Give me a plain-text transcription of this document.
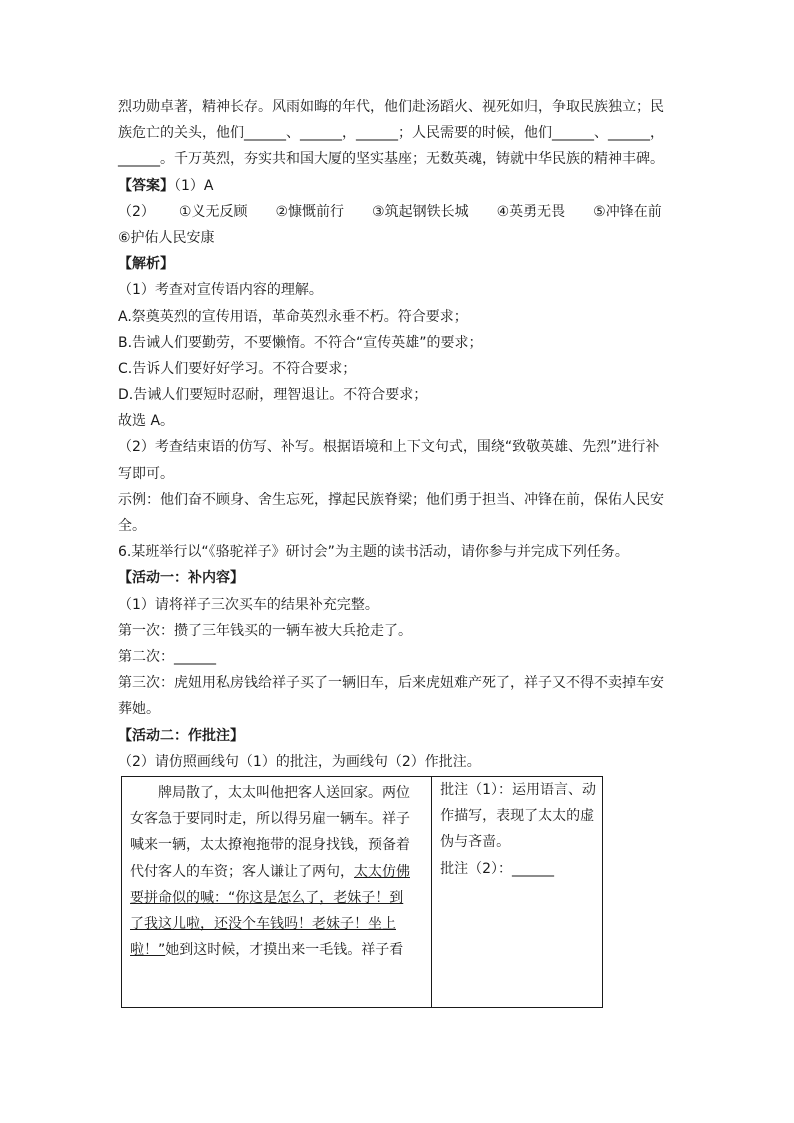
烈功勋卓著，精神长存。风雨如晦的年代，他们赴汤蹈火、视死如归，争取民族独立；民
族危亡的关头，他们______、______，______；人民需要的时候，他们______、______，
______。千万英烈，夯实共和国大厦的坚实基座；无数英魂，铸就中华民族的精神丰碑。
【答案】（1）A
（2） ①义无反顾 ②慷慨前行 ③筑起钢铁长城 ④英勇无畏 ⑤冲锋在前
⑥护佑人民安康
【解析】
（1）考查对宣传语内容的理解。
A.祭奠英烈的宣传用语，革命英烈永垂不朽。符合要求；
B.告诫人们要勤劳，不要懒惰。不符合“宣传英雄”的要求；
C.告诉人们要好好学习。不符合要求；
D.告诫人们要短时忍耐，理智退让。不符合要求；
故选 A。
（2）考查结束语的仿写、补写。根据语境和上下文句式，围绕“致敬英雄、先烈”进行补
写即可。
示例：他们奋不顾身、舍生忘死，撑起民族脊梁；他们勇于担当、冲锋在前，保佑人民安
全。
6.某班举行以“《骆驼祥子》研讨会”为主题的读书活动，请你参与并完成下列任务。
【活动一：补内容】
（1）请将祥子三次买车的结果补充完整。
第一次：攒了三年钱买的一辆车被大兵抢走了。
第二次：______
第三次：虎妞用私房钱给祥子买了一辆旧车，后来虎妞难产死了，祥子又不得不卖掉车安
葬她。
【活动二：作批注】
（2）请仿照画线句（1）的批注，为画线句（2）作批注。
牌局散了，太太叫他把客人送回家。两位
女客急于要同时走，所以得另雇一辆车。祥子
喊来一辆，太太撩袍拖带的混身找钱，预备着
代付客人的车资；客人谦让了两句，太太仿佛
要拼命似的喊：“你这是怎么了，老妹子！到
了我这儿啦，还没个车钱吗！老妹子！坐上
啦！”她到这时候，才摸出来一毛钱。祥子看

批注（1）：运用语言、动
作描写，表现了太太的虚
伪与吝啬。
批注（2）：______
